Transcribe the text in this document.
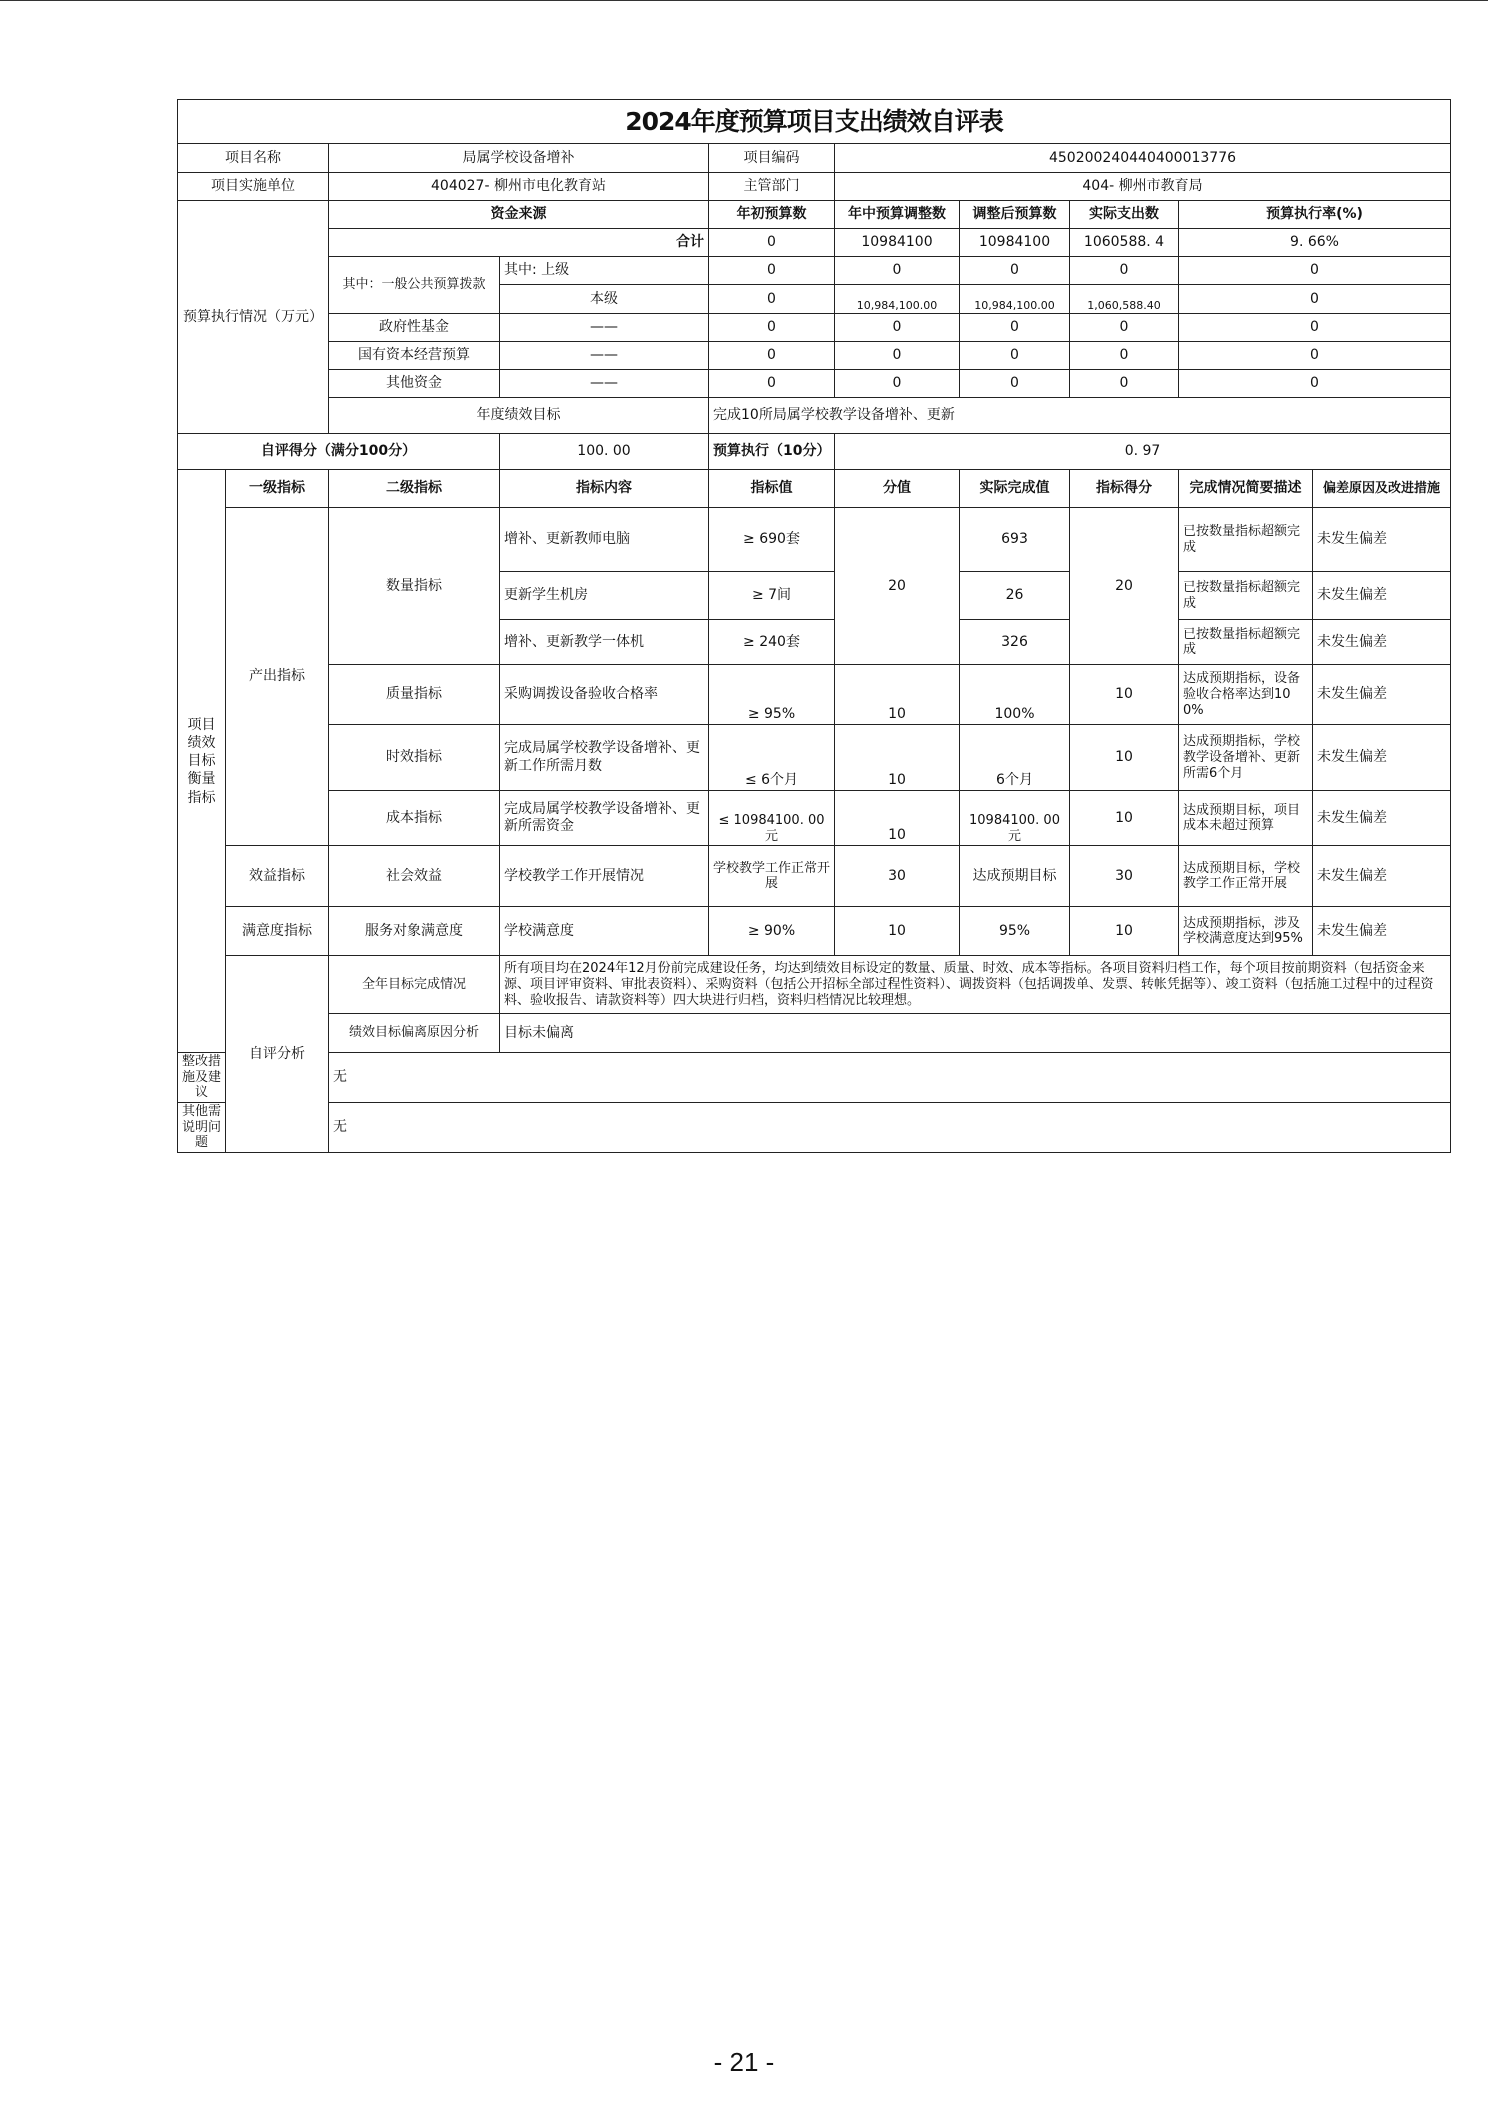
2024年度预算项目支出绩效自评表									
项目名称		局属学校设备增补		项目编码	450200240440400013776				
项目实施单位		404027- 柳州市电化教育站		主管部门	404- 柳州市教育局				
预算执行情况（万元）		资金来源		年初预算数	年中预算调整数	调整后预算数	实际支出数	预算执行率(%)	
		合计		0	10984100	10984100	1060588. 4	9. 66%	
		其中：一般公共预算拨款	其中: 上级	0	0	0	0	0	
			本级	0	10,984,100.00	10,984,100.00	1,060,588.40	0	
		政府性基金	——	0	0	0	0	0	
		国有资本经营预算	——	0	0	0	0	0	
		其他资金	——	0	0	0	0	0	
		年度绩效目标		完成10所局属学校教学设备增补、更新					
自评得分（满分100分）			100. 00	预算执行（10分）	0. 97				
项目绩效目标衡量指标	一级指标	二级指标	指标内容	指标值	分值	实际完成值	指标得分	完成情况简要描述	偏差原因及改进措施
	产出指标	数量指标	增补、更新教师电脑	≥ 690套	20	693	20	已按数量指标超额完成	未发生偏差
			更新学生机房	≥ 7间		26		已按数量指标超额完成	未发生偏差
			增补、更新教学一体机	≥ 240套		326		已按数量指标超额完成	未发生偏差
		质量指标	采购调拨设备验收合格率	≥ 95%	10	100%	10	达成预期指标，设备验收合格率达到100%	未发生偏差
		时效指标	完成局属学校教学设备增补、更新工作所需月数	≤ 6个月	10	6个月	10	达成预期指标，学校教学设备增补、更新所需6个月	未发生偏差
		成本指标	完成局属学校教学设备增补、更新所需资金	≤ 10984100. 00元	10	10984100. 00元	10	达成预期目标，项目成本未超过预算	未发生偏差
	效益指标	社会效益	学校教学工作开展情况	学校教学工作正常开展	30	达成预期目标	30	达成预期目标，学校教学工作正常开展	未发生偏差
	满意度指标	服务对象满意度	学校满意度	≥ 90%	10	95%	10	达成预期指标，涉及学校满意度达到95%	未发生偏差
	自评分析	全年目标完成情况	所有项目均在2024年12月份前完成建设任务，均达到绩效目标设定的数量、质量、时效、成本等指标。各项目资料归档工作，每个项目按前期资料（包括资金来源、项目评审资料、审批表资料）、采购资料（包括公开招标全部过程性资料）、调拨资料（包括调拨单、发票、转帐凭据等）、竣工资料（包括施工过程中的过程资料、验收报告、请款资料等）四大块进行归档，资料归档情况比较理想。						
		绩效目标偏离原因分析	目标未偏离						
整改措施及建议		无							
其他需说明问题		无							
- 21 -
